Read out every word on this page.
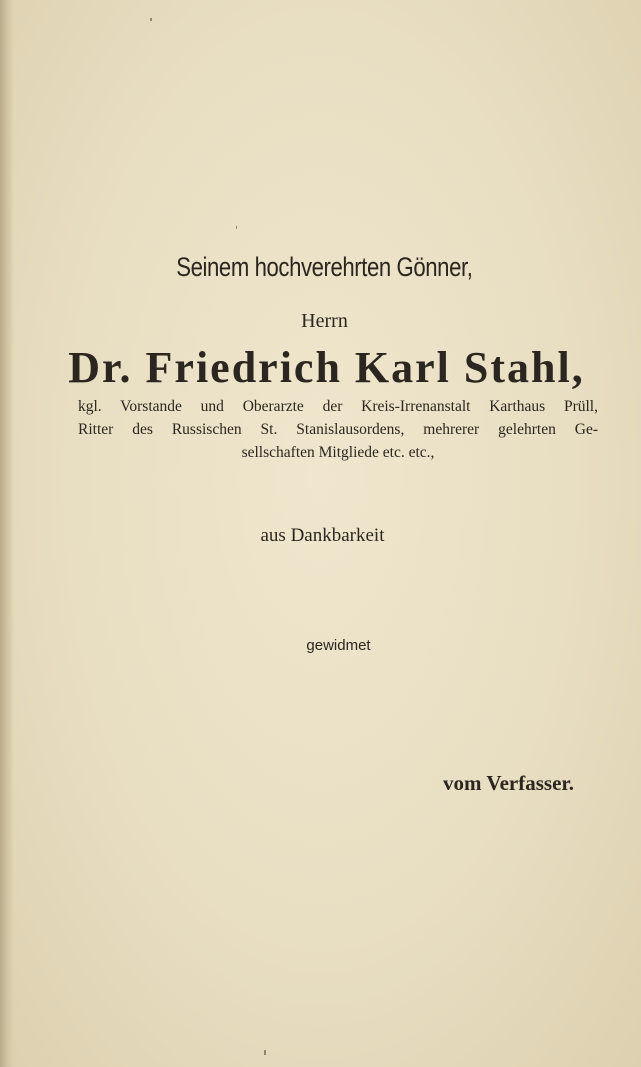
Seinem hochverehrten Gönner,
Herrn
Dr. Friedrich Karl Stahl,
kgl. Vorstande und Oberarzte der Kreis-Irrenanstalt Karthaus Prüll,
Ritter des Russischen St. Stanislausordens, mehrerer gelehrten Ge-
sellschaften Mitgliede etc. etc.,
aus Dankbarkeit
gewidmet
vom Verfasser.
